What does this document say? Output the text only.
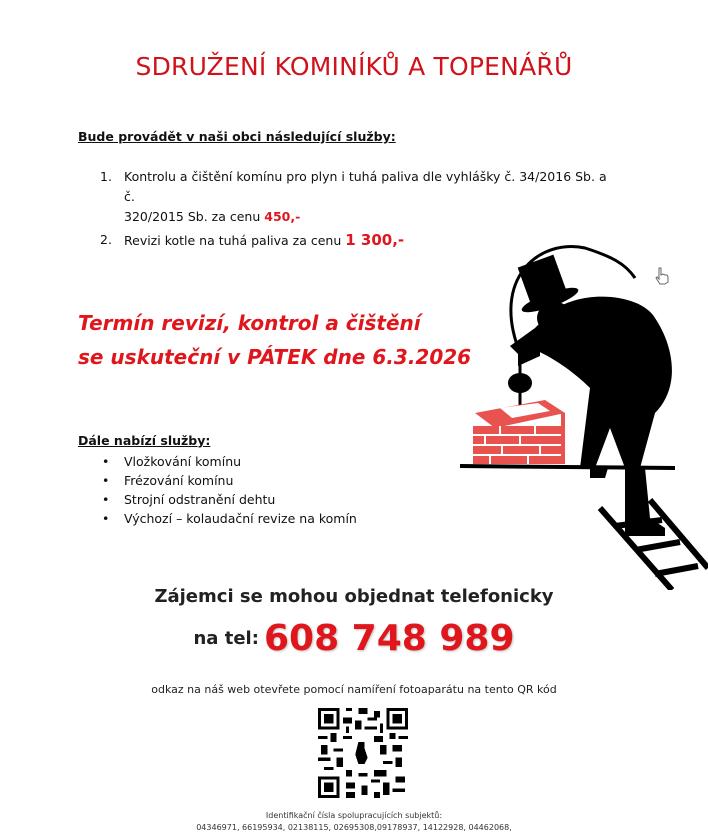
SDRUŽENÍ KOMINÍKŮ A TOPENÁŘŮ
Bude provádět v naši obci následující služby:
1. Kontrolu a čištění komínu pro plyn i tuhá paliva dle vyhlášky č. 34/2016 Sb. a č.
320/2015 Sb. za cenu 450,-
2. Revizi kotle na tuhá paliva za cenu 1 300,-
Termín revizí, kontrol a čištění
se uskuteční v PÁTEK dne 6.3.2026
Dále nabízí služby:
• Vložkování komínu
• Frézování komínu
• Strojní odstranění dehtu
• Výchozí – kolaudační revize na komín
Zájemci se mohou objednat telefonicky
na tel: 608 748 989
odkaz na náš web otevřete pomocí namíření fotoaparátu na tento QR kód
Identifikační čísla spolupracujících subjektů:
04346971, 66195934, 02138115, 02695308,09178937, 14122928, 04462068,
